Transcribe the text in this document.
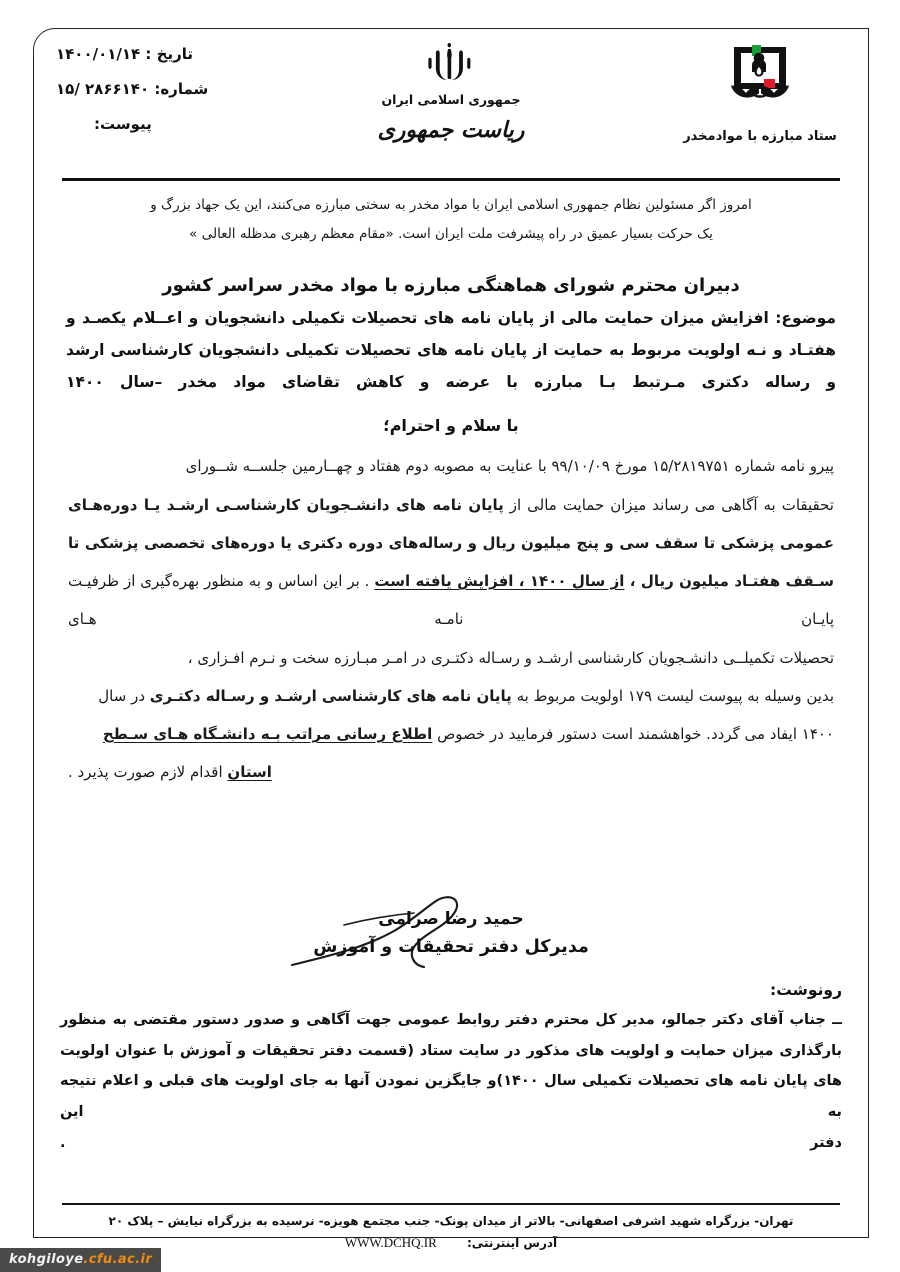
تاریخ : ۱۴۰۰/۰۱/۱۴
شماره: ۲۸۶۶۱۴۰ /۱۵
پیوست:
جمهوری اسلامی ایران
ریاست جمهوری	ستاد مبارزه با موادمخدر
امروز اگر مسئولین نظام جمهوری اسلامی ایران با مواد مخدر به سختی مبارزه می‌کنند، این یک جهاد بزرگ و
یک حرکت بسیار عمیق در راه پیشرفت ملت ایران است. «مقام معظم رهبری مدظله العالی »
دبیران محترم شورای هماهنگی مبارزه با مواد مخدر سراسر کشور
موضوع: افزایش میزان حمایت مالی از پایان نامه های تحصیلات تکمیلی دانشجویان و اعــلام یکصـد و هفتـاد و نـه اولویت مربوط به حمایت از پایان نامه های تحصیلات تکمیلی دانشجویان کارشناسی ارشد و رساله دکتری مـرتبط بـا مبارزه با عرضه و کاهش تقاضای مواد مخدر –سال ۱۴۰۰
با سلام و احترام؛
پیرو نامه شماره ۱۵/۲۸۱۹۷۵۱ مورخ ۹۹/۱۰/۰۹ با عنایت به مصوبه دوم هفتاد و چهــارمین جلســه شــورای
تحقیقات به آگاهی می رساند میزان حمایت مالی از پایان نامه های دانشـجویان کارشناسـی ارشـد یـا دوره‌هـای عمومی پزشکی تا سقف سی و پنج میلیون ریال و رساله‌های دوره دکتری یا دوره‌های تخصصی پزشکی تا سـقف هفتـاد میلیون ریال ، از سال ۱۴۰۰ ، افزایش یافته است . بر این اساس و به منظور بهره‌گیری از ظرفیـت پایـان نامـه هـای
تحصیلات تکمیلــی دانشـجویان کارشناسی ارشـد و رسـاله دکتـری در امـر مبـارزه سخت و نـرم افـزاری ،
بدین وسیله به پیوست لیست ۱۷۹ اولویت مربوط به پایان نامه های کارشناسی ارشـد و رسـاله دکتـری در سال
۱۴۰۰ ایفاد می گردد. خواهشمند است دستور فرمایید در خصوص اطلاع رسانی مراتب بـه دانشـگاه هـای سـطح
استان اقدام لازم صورت پذیرد .
حمید رضا صرامی
مدیرکل دفتر تحقیقات و آموزش
رونوشت:
ــ جناب آقای دکتر جمالو، مدیر کل محترم دفتر روابط عمومی جهت آگاهی و صدور دستور مقتضی به منظور بارگذاری میزان حمایت و اولویت های مذکور در سایت ستاد (قسمت دفتر تحقیقات و آموزش با عنوان اولویت های پایان نامه های تحصیلات تکمیلی سال ۱۴۰۰)و جایگزین نمودن آنها به جای اولویت های قبلی و اعلام نتیجه به این
دفتر .
تهران- بزرگراه شهید اشرفی اصفهانی- بالاتر از میدان پونک- جنب مجتمع هویزه- نرسیده به بزرگراه نیایش – پلاک ۲۰
آدرس اینترنتی: WWW.DCHQ.IR
kohgiloye.cfu.ac.ir
